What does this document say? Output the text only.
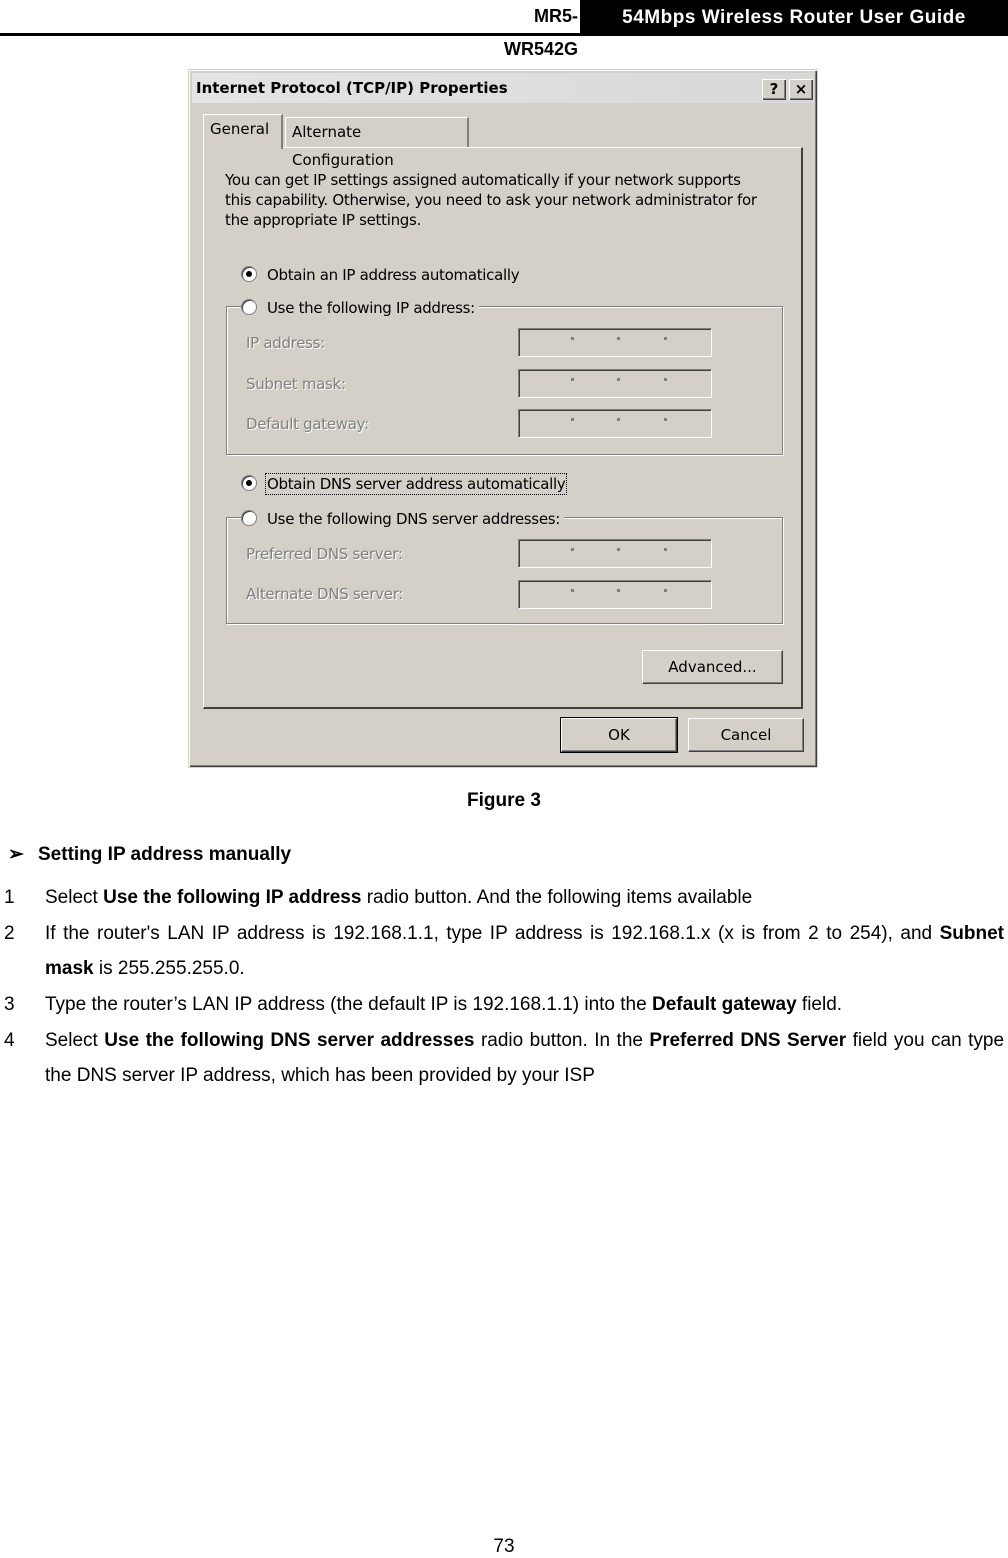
MR5-WR542G
54Mbps Wireless Router User Guide
Internet Protocol (TCP/IP) Properties	?	×
General	Alternate Configuration
You can get IP settings assigned automatically if your network supports
this capability. Otherwise, you need to ask your network administrator for
the appropriate IP settings.
Obtain an IP address automatically
Use the following IP address:
IP address:
Subnet mask:
Default gateway:
Obtain DNS server address automatically
Use the following DNS server addresses:
Preferred DNS server:
Alternate DNS server:
Advanced...
OK	Cancel
Figure 3
➢ Setting IP address manually
1 Select Use the following IP address radio button. And the following items available
2 If the router's LAN IP address is 192.168.1.1, type IP address is 192.168.1.x (x is from 2 to 254), and Subnet mask is 255.255.255.0.
3 Type the router’s LAN IP address (the default IP is 192.168.1.1) into the Default gateway field.
4 Select Use the following DNS server addresses radio button. In the Preferred DNS Server field you can type the DNS server IP address, which has been provided by your ISP
73
